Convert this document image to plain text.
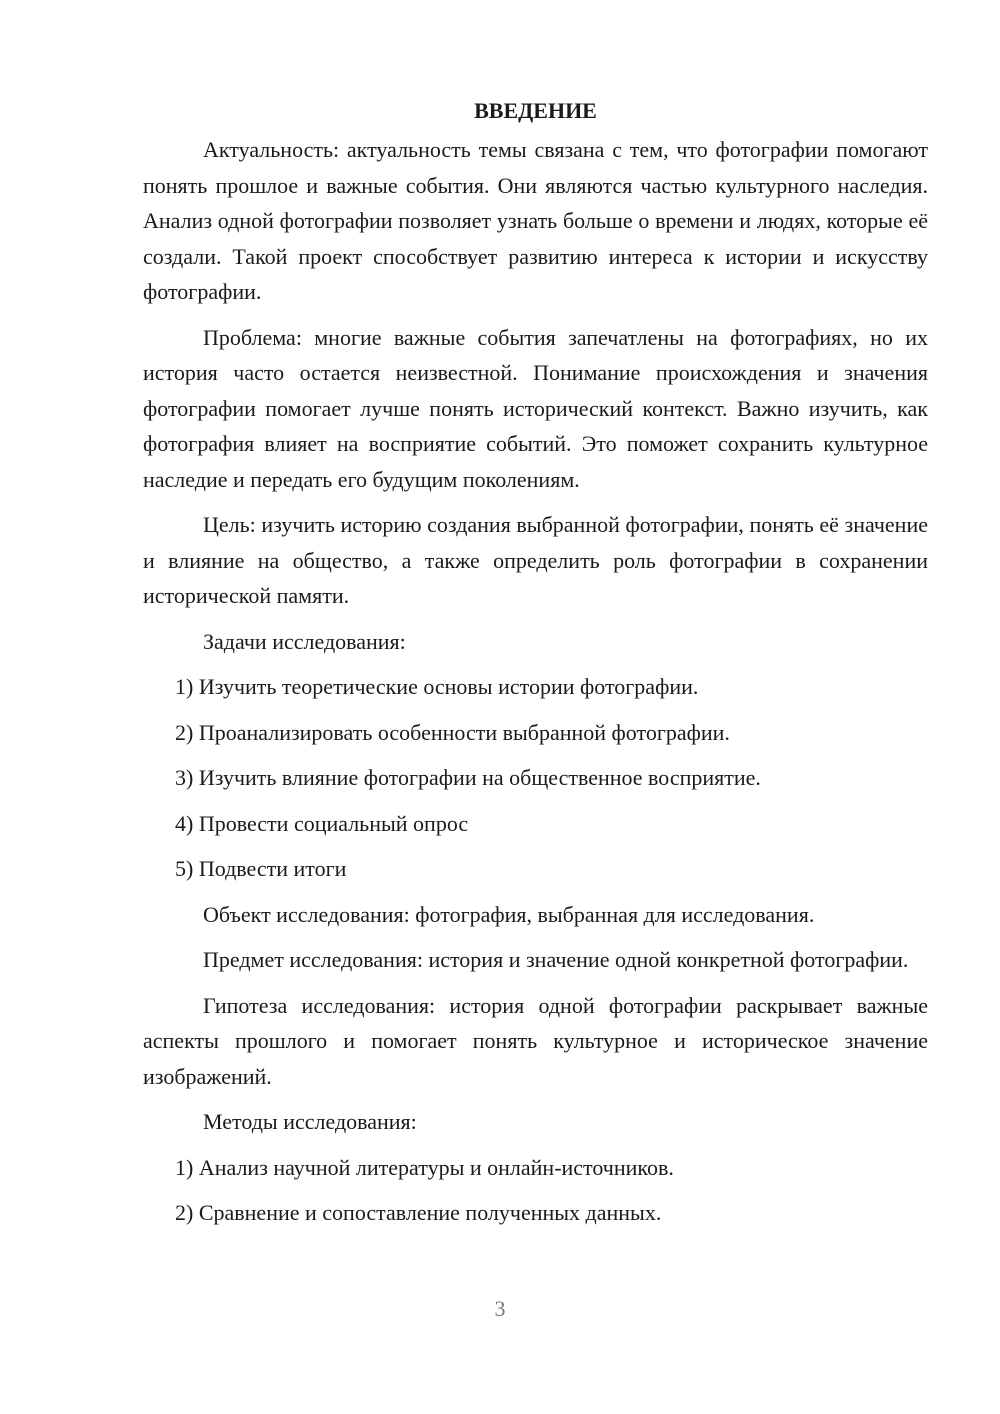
ВВЕДЕНИЕ

Актуальность: актуальность темы связана с тем, что фотографии помогают понять прошлое и важные события. Они являются частью культурного наследия. Анализ одной фотографии позволяет узнать больше о времени и людях, которые её создали. Такой проект способствует развитию интереса к истории и искусству фотографии.

Проблема: многие важные события запечатлены на фотографиях, но их история часто остается неизвестной. Понимание происхождения и значения фотографии помогает лучше понять исторический контекст. Важно изучить, как фотография влияет на восприятие событий. Это поможет сохранить культурное наследие и передать его будущим поколениям.

Цель: изучить историю создания выбранной фотографии, понять её значение и влияние на общество, а также определить роль фотографии в сохранении исторической памяти.

Задачи исследования:

1) Изучить теоретические основы истории фотографии.

2) Проанализировать особенности выбранной фотографии.

3) Изучить влияние фотографии на общественное восприятие.

4) Провести социальный опрос

5) Подвести итоги

Объект исследования: фотография, выбранная для исследования.

Предмет исследования: история и значение одной конкретной фотографии.

Гипотеза исследования: история одной фотографии раскрывает важные аспекты прошлого и помогает понять культурное и историческое значение изображений.

Методы исследования:

1) Анализ научной литературы и онлайн-источников.

2) Сравнение и сопоставление полученных данных.

3
